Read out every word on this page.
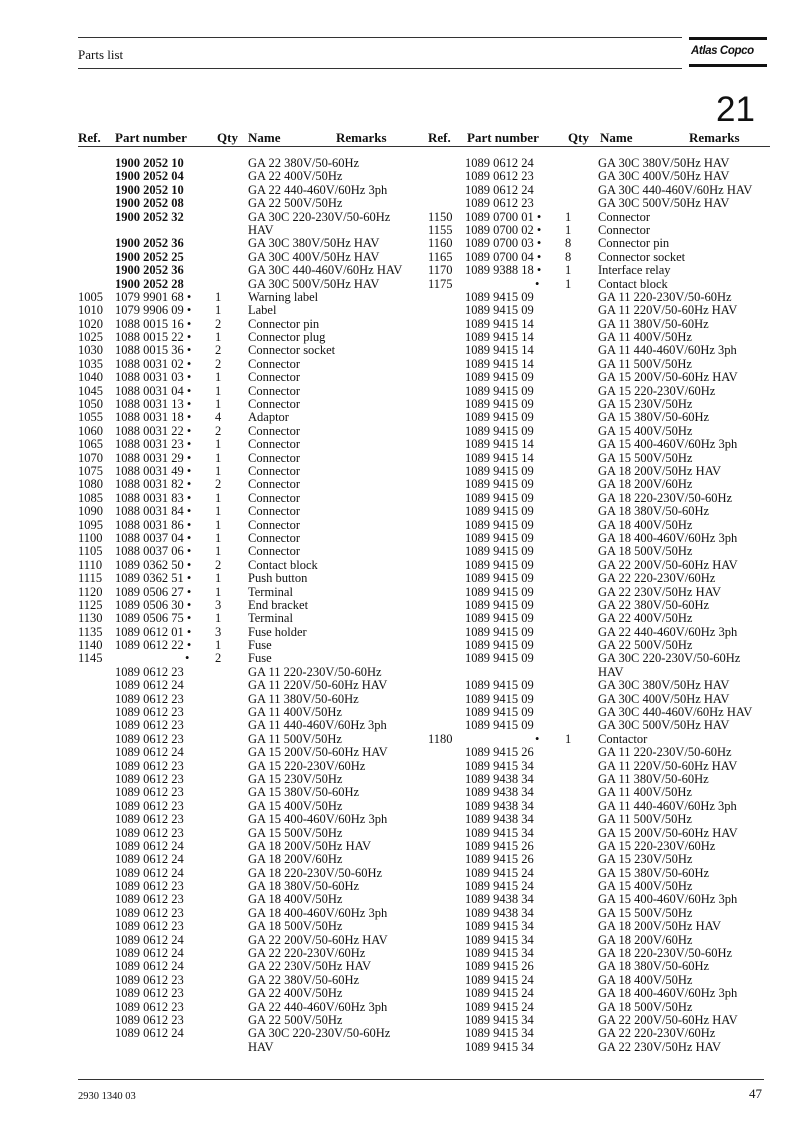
Parts list	Atlas Copco
21
Ref. Part number Qty Name	Remarks	Ref. Part number Qty Name	Remarks
1900 2052 10	GA 22 380V/50-60Hz
1900 2052 04	GA 22 400V/50Hz
1900 2052 10	GA 22 440-460V/60Hz 3ph
1900 2052 08	GA 22 500V/50Hz
1900 2052 32	GA 30C 220-230V/50-60Hz
HAV
1900 2052 36	GA 30C 380V/50Hz HAV
1900 2052 25	GA 30C 400V/50Hz HAV
1900 2052 36	GA 30C 440-460V/60Hz HAV
1900 2052 28	GA 30C 500V/50Hz HAV
1005 1079 9901 68 • 1 Warning label
1010 1079 9906 09 • 1 Label
1020 1088 0015 16 • 2 Connector pin
1025 1088 0015 22 • 1 Connector plug
1030 1088 0015 36 • 2 Connector socket
1035 1088 0031 02 • 2 Connector
1040 1088 0031 03 • 1 Connector
1045 1088 0031 04 • 1 Connector
1050 1088 0031 13 • 1 Connector
1055 1088 0031 18 • 4 Adaptor
1060 1088 0031 22 • 2 Connector
1065 1088 0031 23 • 1 Connector
1070 1088 0031 29 • 1 Connector
1075 1088 0031 49 • 1 Connector
1080 1088 0031 82 • 2 Connector
1085 1088 0031 83 • 1 Connector
1090 1088 0031 84 • 1 Connector
1095 1088 0031 86 • 1 Connector
1100 1088 0037 04 • 1 Connector
1105 1088 0037 06 • 1 Connector
1110 1089 0362 50 • 2 Contact block
1115 1089 0362 51 • 1 Push button
1120 1089 0506 27 • 1 Terminal
1125 1089 0506 30 • 3 End bracket
1130 1089 0506 75 • 1 Terminal
1135 1089 0612 01 • 3 Fuse holder
1140 1089 0612 22 • 1 Fuse
1145	• 2 Fuse
1089 0612 23	GA 11 220-230V/50-60Hz
1089 0612 24	GA 11 220V/50-60Hz HAV
1089 0612 23	GA 11 380V/50-60Hz
1089 0612 23	GA 11 400V/50Hz
1089 0612 23	GA 11 440-460V/60Hz 3ph
1089 0612 23	GA 11 500V/50Hz
1089 0612 24	GA 15 200V/50-60Hz HAV
1089 0612 23	GA 15 220-230V/60Hz
1089 0612 23	GA 15 230V/50Hz
1089 0612 23	GA 15 380V/50-60Hz
1089 0612 23	GA 15 400V/50Hz
1089 0612 23	GA 15 400-460V/60Hz 3ph
1089 0612 23	GA 15 500V/50Hz
1089 0612 24	GA 18 200V/50Hz HAV
1089 0612 24	GA 18 200V/60Hz
1089 0612 24	GA 18 220-230V/50-60Hz
1089 0612 23	GA 18 380V/50-60Hz
1089 0612 23	GA 18 400V/50Hz
1089 0612 23	GA 18 400-460V/60Hz 3ph
1089 0612 23	GA 18 500V/50Hz
1089 0612 24	GA 22 200V/50-60Hz HAV
1089 0612 24	GA 22 220-230V/60Hz
1089 0612 24	GA 22 230V/50Hz HAV
1089 0612 23	GA 22 380V/50-60Hz
1089 0612 23	GA 22 400V/50Hz
1089 0612 23	GA 22 440-460V/60Hz 3ph
1089 0612 23	GA 22 500V/50Hz
1089 0612 24	GA 30C 220-230V/50-60Hz
HAV
1089 0612 24	GA 30C 380V/50Hz HAV
1089 0612 23	GA 30C 400V/50Hz HAV
1089 0612 24	GA 30C 440-460V/60Hz HAV
1089 0612 23	GA 30C 500V/50Hz HAV
1150 1089 0700 01 • 1 Connector
1155 1089 0700 02 • 1 Connector
1160 1089 0700 03 • 8 Connector pin
1165 1089 0700 04 • 8 Connector socket
1170 1089 9388 18 • 1 Interface relay
1175	• 1 Contact block
1089 9415 09	GA 11 220-230V/50-60Hz
1089 9415 09	GA 11 220V/50-60Hz HAV
1089 9415 14	GA 11 380V/50-60Hz
1089 9415 14	GA 11 400V/50Hz
1089 9415 14	GA 11 440-460V/60Hz 3ph
1089 9415 14	GA 11 500V/50Hz
1089 9415 09	GA 15 200V/50-60Hz HAV
1089 9415 09	GA 15 220-230V/60Hz
1089 9415 09	GA 15 230V/50Hz
1089 9415 09	GA 15 380V/50-60Hz
1089 9415 09	GA 15 400V/50Hz
1089 9415 14	GA 15 400-460V/60Hz 3ph
1089 9415 14	GA 15 500V/50Hz
1089 9415 09	GA 18 200V/50Hz HAV
1089 9415 09	GA 18 200V/60Hz
1089 9415 09	GA 18 220-230V/50-60Hz
1089 9415 09	GA 18 380V/50-60Hz
1089 9415 09	GA 18 400V/50Hz
1089 9415 09	GA 18 400-460V/60Hz 3ph
1089 9415 09	GA 18 500V/50Hz
1089 9415 09	GA 22 200V/50-60Hz HAV
1089 9415 09	GA 22 220-230V/60Hz
1089 9415 09	GA 22 230V/50Hz HAV
1089 9415 09	GA 22 380V/50-60Hz
1089 9415 09	GA 22 400V/50Hz
1089 9415 09	GA 22 440-460V/60Hz 3ph
1089 9415 09	GA 22 500V/50Hz
1089 9415 09	GA 30C 220-230V/50-60Hz
HAV
1089 9415 09	GA 30C 380V/50Hz HAV
1089 9415 09	GA 30C 400V/50Hz HAV
1089 9415 09	GA 30C 440-460V/60Hz HAV
1089 9415 09	GA 30C 500V/50Hz HAV
1180	• 1 Contactor
1089 9415 26	GA 11 220-230V/50-60Hz
1089 9415 34	GA 11 220V/50-60Hz HAV
1089 9438 34	GA 11 380V/50-60Hz
1089 9438 34	GA 11 400V/50Hz
1089 9438 34	GA 11 440-460V/60Hz 3ph
1089 9438 34	GA 11 500V/50Hz
1089 9415 34	GA 15 200V/50-60Hz HAV
1089 9415 26	GA 15 220-230V/60Hz
1089 9415 26	GA 15 230V/50Hz
1089 9415 24	GA 15 380V/50-60Hz
1089 9415 24	GA 15 400V/50Hz
1089 9438 34	GA 15 400-460V/60Hz 3ph
1089 9438 34	GA 15 500V/50Hz
1089 9415 34	GA 18 200V/50Hz HAV
1089 9415 34	GA 18 200V/60Hz
1089 9415 34	GA 18 220-230V/50-60Hz
1089 9415 26	GA 18 380V/50-60Hz
1089 9415 24	GA 18 400V/50Hz
1089 9415 24	GA 18 400-460V/60Hz 3ph
1089 9415 24	GA 18 500V/50Hz
1089 9415 34	GA 22 200V/50-60Hz HAV
1089 9415 34	GA 22 220-230V/60Hz
1089 9415 34	GA 22 230V/50Hz HAV
2930 1340 03	47
